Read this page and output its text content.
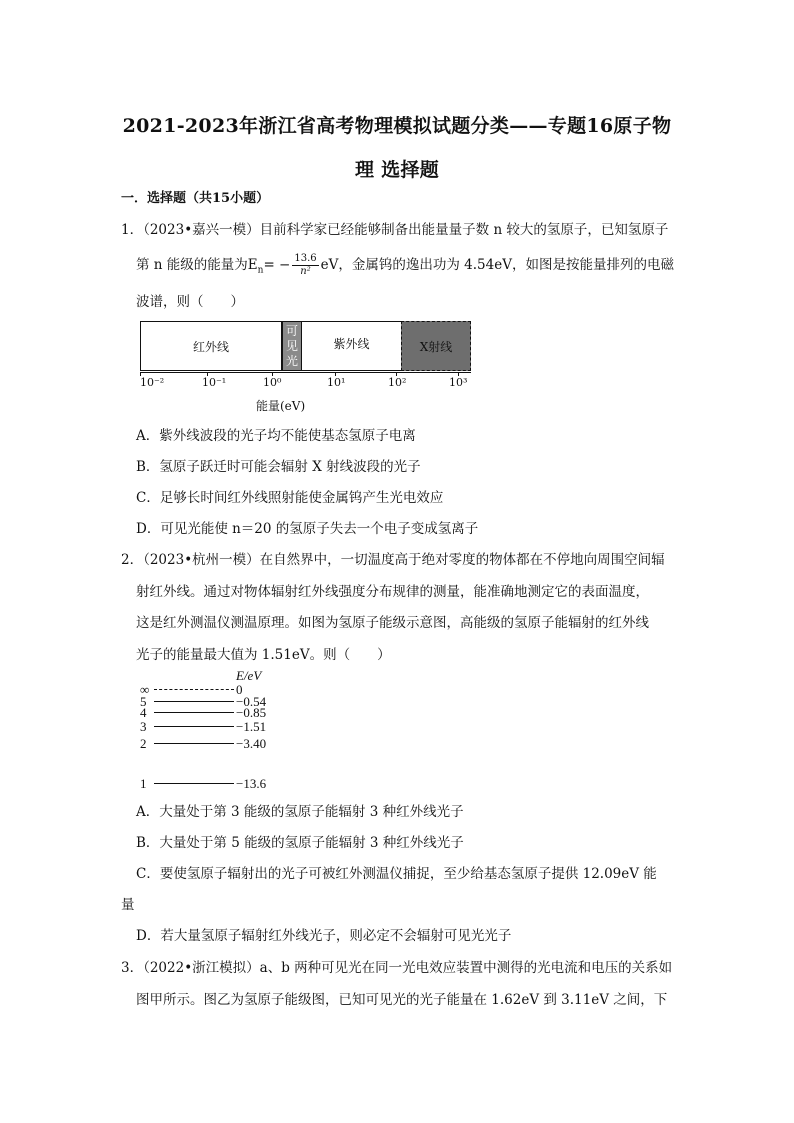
2021-2023年浙江省高考物理模拟试题分类——专题16原子物
理 选择题
一．选择题（共15小题）
1．（2023•嘉兴一模）目前科学家已经能够制备出能量量子数 n 较大的氢原子，已知氢原子
第 n 能级的能量为$E_n= - \frac{13.6}{\text{n²}}$ eV，金属钨的逸出功为 4.54eV，如图是按能量排列的电磁
波谱，则（　　）
红外线
可
见
光
紫外线	X射线
10⁻²	10⁻¹	10⁰	10¹	10²	10³
能量(eV)
A．紫外线波段的光子均不能使基态氢原子电离
B．氢原子跃迁时可能会辐射 X 射线波段的光子
C．足够长时间红外线照射能使金属钨产生光电效应
D．可见光能使 n＝20 的氢原子失去一个电子变成氢离子
2．（2023•杭州一模）在自然界中，一切温度高于绝对零度的物体都在不停地向周围空间辐
射红外线。通过对物体辐射红外线强度分布规律的测量，能准确地测定它的表面温度，
这是红外测温仪测温原理。如图为氢原子能级示意图，高能级的氢原子能辐射的红外线
光子的能量最大值为 1.51eV。则（　　）
E/eV
∞	0
5	−0.54
4	−0.85
3	−1.51
2	−3.40
1	−13.6
A．大量处于第 3 能级的氢原子能辐射 3 种红外线光子
B．大量处于第 5 能级的氢原子能辐射 3 种红外线光子
C．要使氢原子辐射出的光子可被红外测温仪捕捉，至少给基态氢原子提供 12.09eV 能
量
D．若大量氢原子辐射红外线光子，则必定不会辐射可见光光子
3．（2022•浙江模拟）a、b 两种可见光在同一光电效应装置中测得的光电流和电压的关系如
图甲所示。图乙为氢原子能级图，已知可见光的光子能量在 1.62eV 到 3.11eV 之间，下
